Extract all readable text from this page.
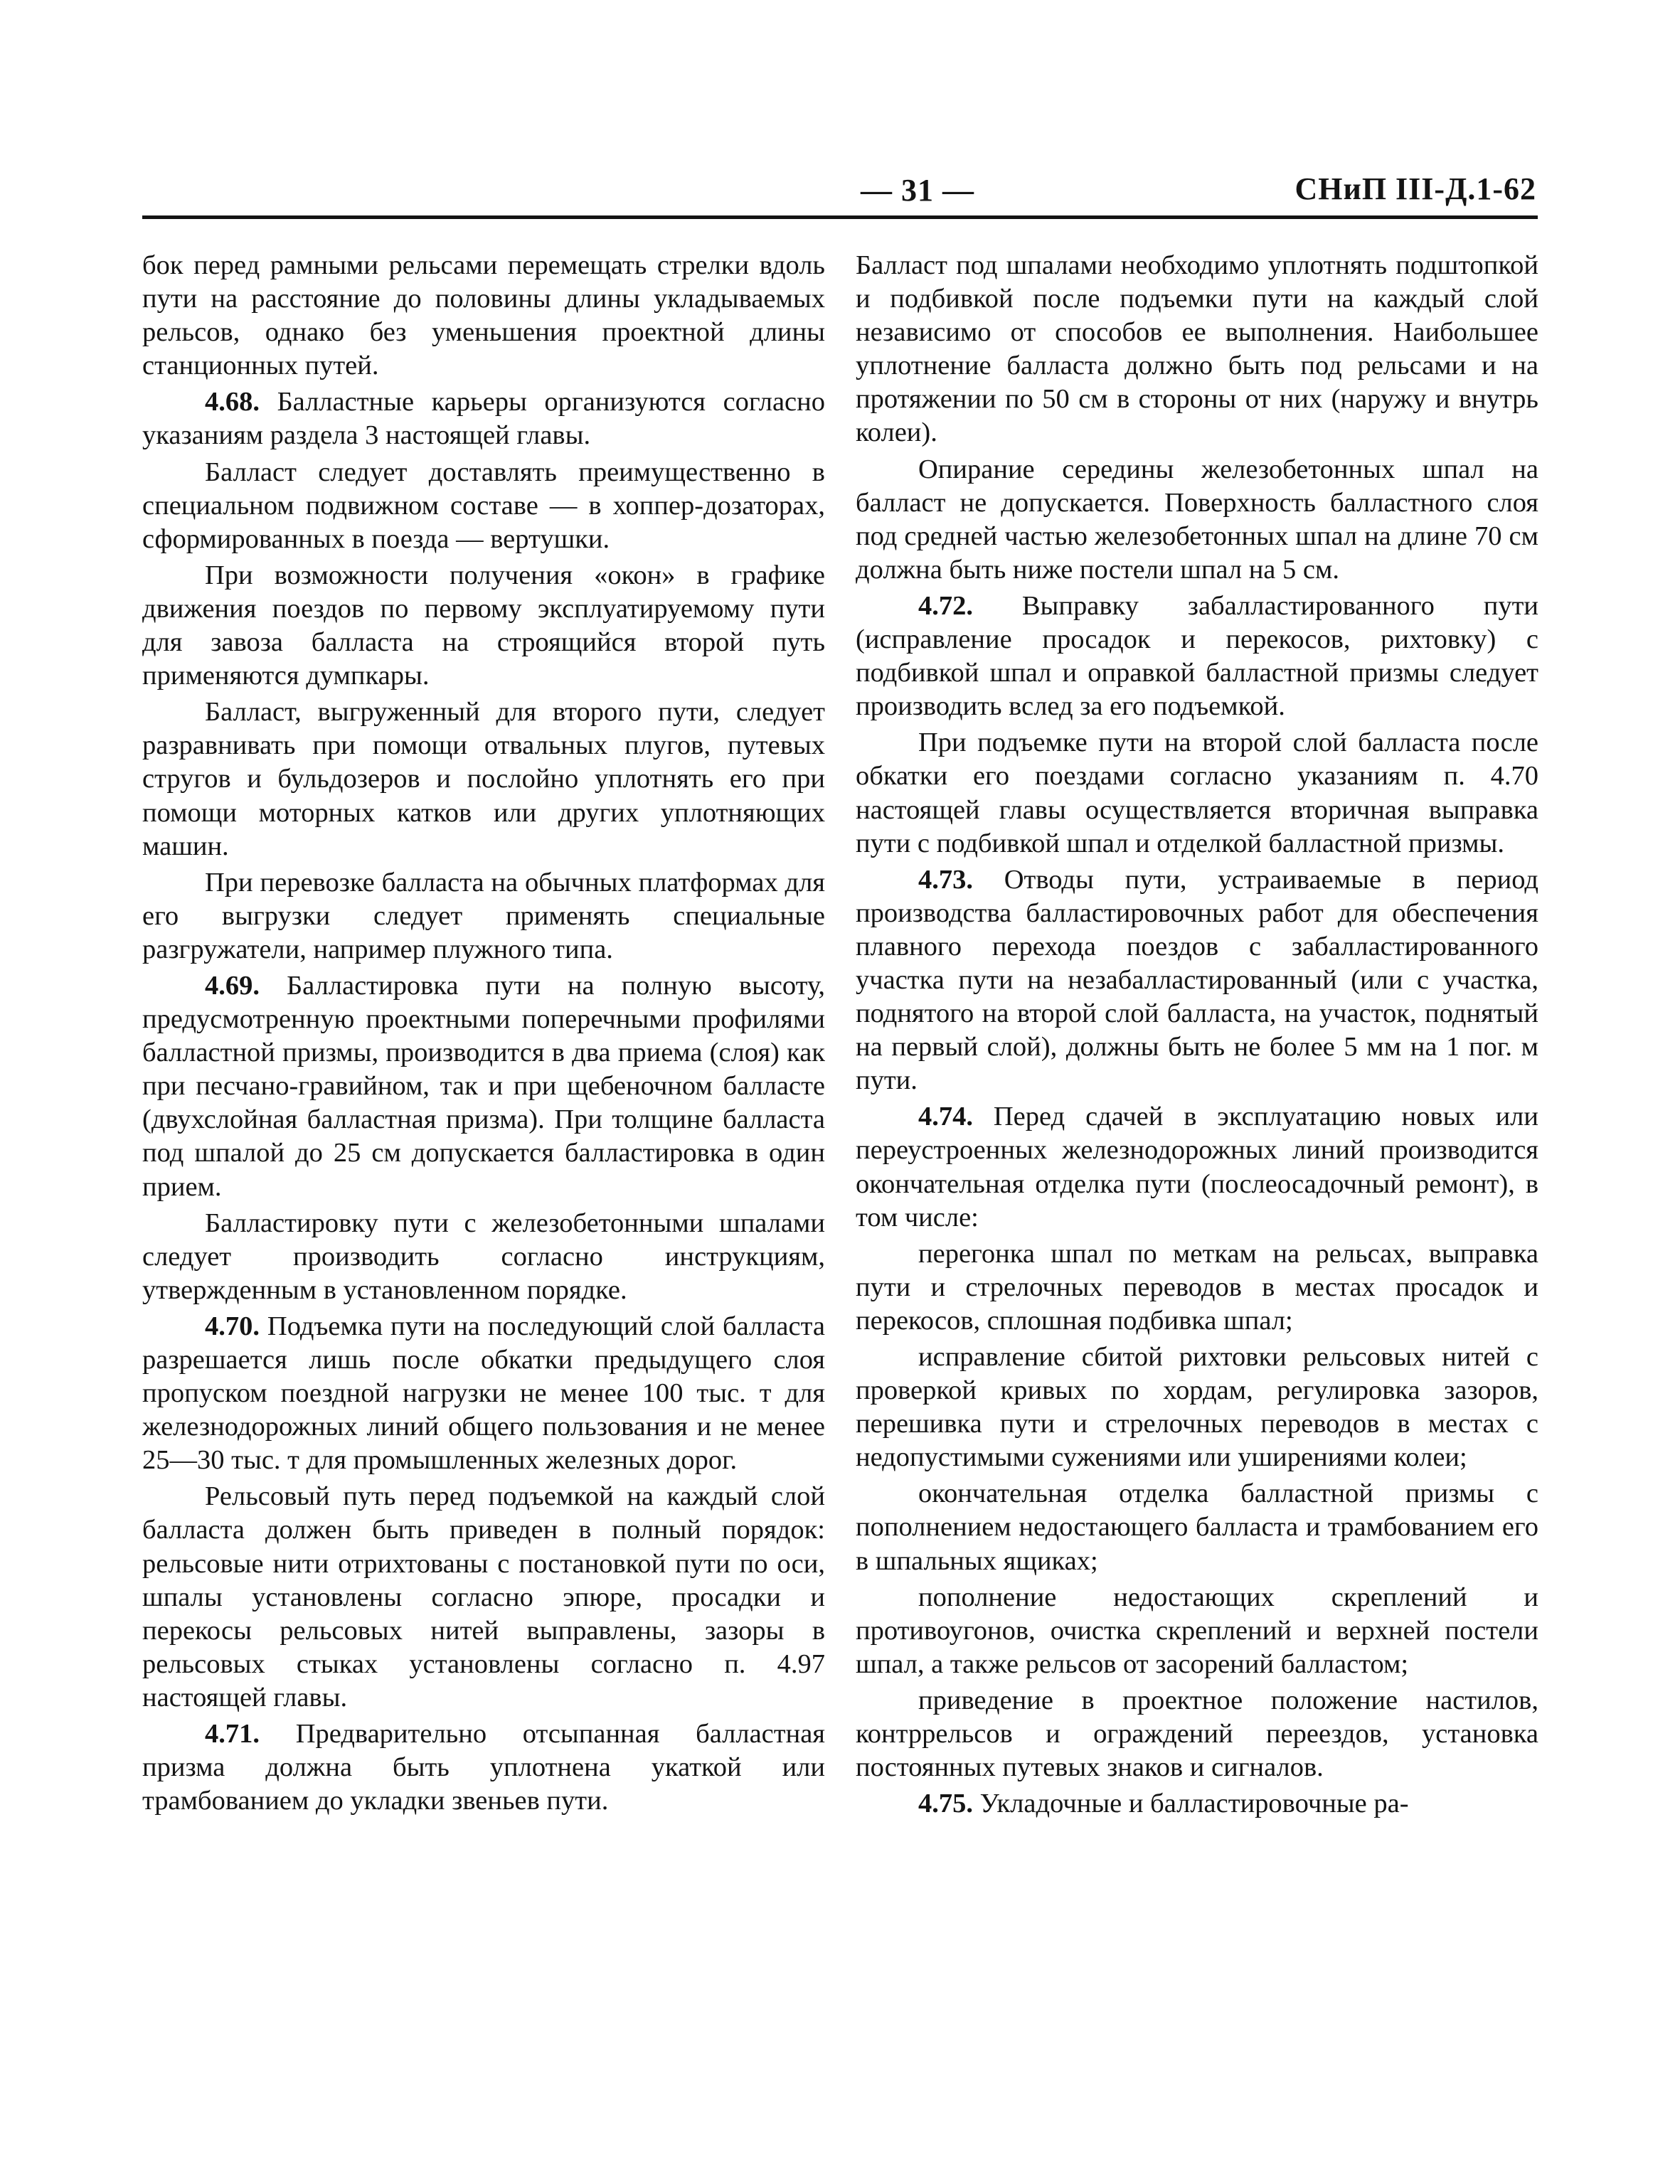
— 31 —	СНиП III-Д.1-62

бок перед рамными рельсами перемещать стрелки вдоль пути на расстояние до половины длины укладываемых рельсов, однако без уменьшения проектной длины станционных путей.

4.68. Балластные карьеры организуются согласно указаниям раздела 3 настоящей главы.

Балласт следует доставлять преимущественно в специальном подвижном составе — в хоппер-дозаторах, сформированных в поезда — вертушки.

При возможности получения «окон» в графике движения поездов по первому эксплуатируемому пути для завоза балласта на строящийся второй путь применяются думпкары.

Балласт, выгруженный для второго пути, следует разравнивать при помощи отвальных плугов, путевых стругов и бульдозеров и послойно уплотнять его при помощи моторных катков или других уплотняющих машин.

При перевозке балласта на обычных платформах для его выгрузки следует применять специальные разгружатели, например плужного типа.

4.69. Балластировка пути на полную высоту, предусмотренную проектными поперечными профилями балластной призмы, производится в два приема (слоя) как при песчано-гравийном, так и при щебеночном балласте (двухслойная балластная призма). При толщине балласта под шпалой до 25 см допускается балластировка в один прием.

Балластировку пути с железобетонными шпалами следует производить согласно инструкциям, утвержденным в установленном порядке.

4.70. Подъемка пути на последующий слой балласта разрешается лишь после обкатки предыдущего слоя пропуском поездной нагрузки не менее 100 тыс. т для железнодорожных линий общего пользования и не менее 25—30 тыс. т для промышленных железных дорог.

Рельсовый путь перед подъемкой на каждый слой балласта должен быть приведен в полный порядок: рельсовые нити отрихтованы с постановкой пути по оси, шпалы установлены согласно эпюре, просадки и перекосы рельсовых нитей выправлены, зазоры в рельсовых стыках установлены согласно п. 4.97 настоящей главы.

4.71. Предварительно отсыпанная балластная призма должна быть уплотнена укаткой или трамбованием до укладки звеньев пути.

Балласт под шпалами необходимо уплотнять подштопкой и подбивкой после подъемки пути на каждый слой независимо от способов ее выполнения. Наибольшее уплотнение балласта должно быть под рельсами и на протяжении по 50 см в стороны от них (наружу и внутрь колеи).

Опирание середины железобетонных шпал на балласт не допускается. Поверхность балластного слоя под средней частью железобетонных шпал на длине 70 см должна быть ниже постели шпал на 5 см.

4.72. Выправку забалластированного пути (исправление просадок и перекосов, рихтовку) с подбивкой шпал и оправкой балластной призмы следует производить вслед за его подъемкой.

При подъемке пути на второй слой балласта после обкатки его поездами согласно указаниям п. 4.70 настоящей главы осуществляется вторичная выправка пути с подбивкой шпал и отделкой балластной призмы.

4.73. Отводы пути, устраиваемые в период производства балластировочных работ для обеспечения плавного перехода поездов с забалластированного участка пути на незабалластированный (или с участка, поднятого на второй слой балласта, на участок, поднятый на первый слой), должны быть не более 5 мм на 1 пог. м пути.

4.74. Перед сдачей в эксплуатацию новых или переустроенных железнодорожных линий производится окончательная отделка пути (послеосадочный ремонт), в том числе:

перегонка шпал по меткам на рельсах, выправка пути и стрелочных переводов в местах просадок и перекосов, сплошная подбивка шпал;

исправление сбитой рихтовки рельсовых нитей с проверкой кривых по хордам, регулировка зазоров, перешивка пути и стрелочных переводов в местах с недопустимыми сужениями или уширениями колеи;

окончательная отделка балластной призмы с пополнением недостающего балласта и трамбованием его в шпальных ящиках;

пополнение недостающих скреплений и противоугонов, очистка скреплений и верхней постели шпал, а также рельсов от засорений балластом;

приведение в проектное положение настилов, контррельсов и ограждений переездов, установка постоянных путевых знаков и сигналов.

4.75. Укладочные и балластировочные ра-
